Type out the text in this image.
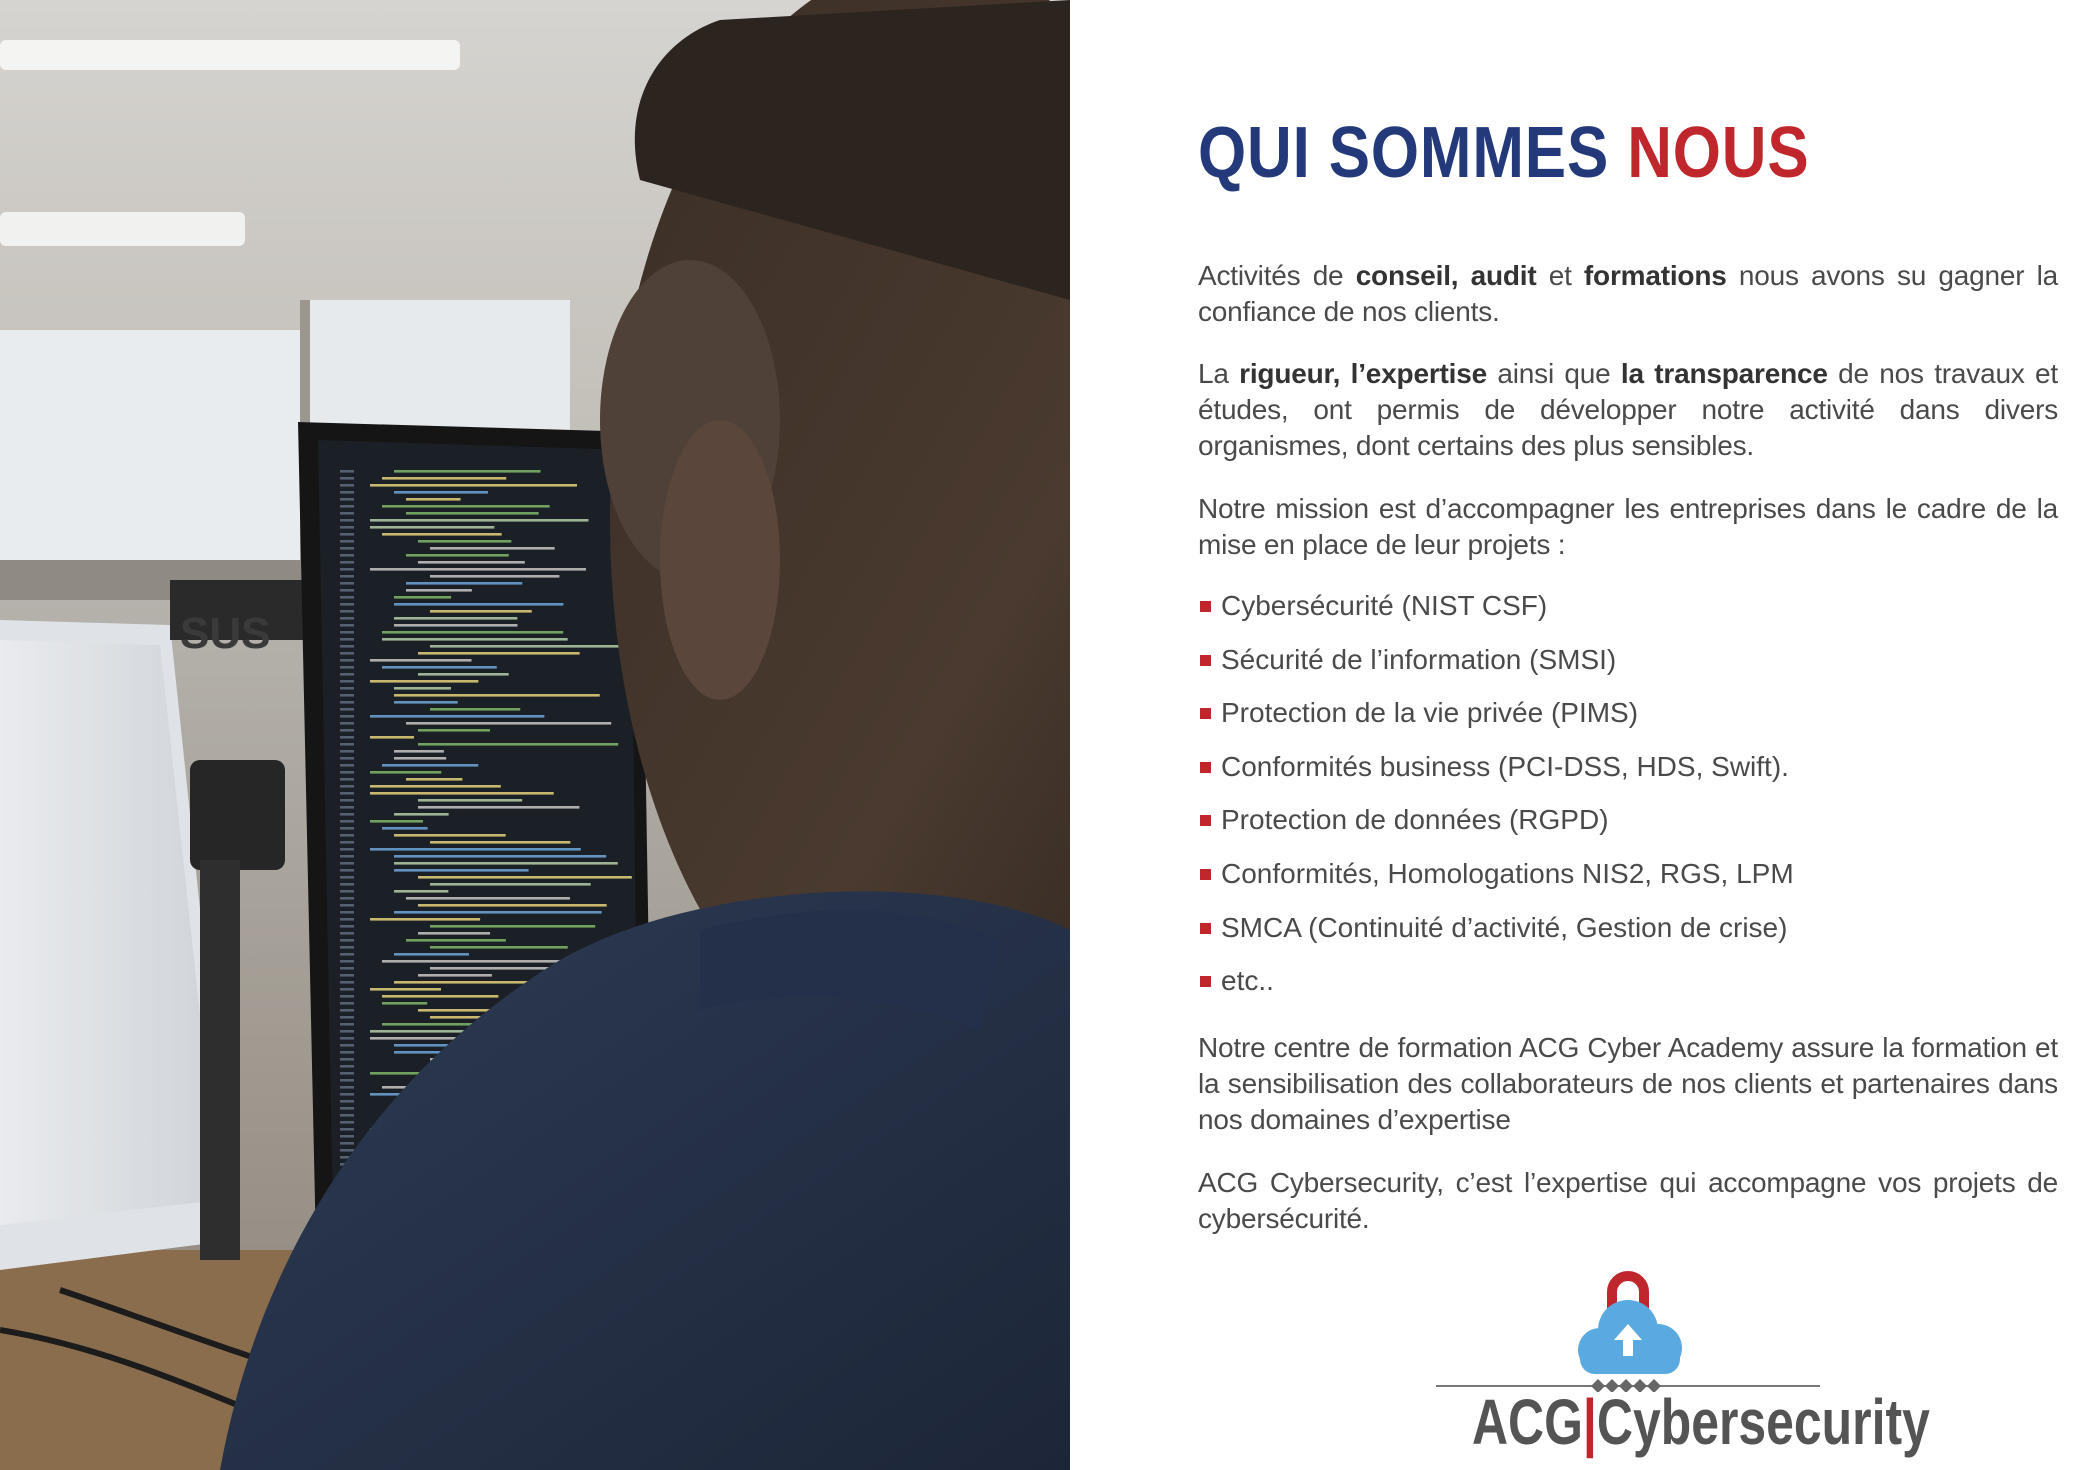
SUS
QUI SOMMES NOUS

Activités de conseil, audit et formations nous avons su gagner la confiance de nos clients.

La rigueur, l’expertise ainsi que la transparence de nos travaux et études, ont permis de développer notre activité dans divers organismes, dont certains des plus sensibles.

Notre mission est d’accompagner les entreprises dans le cadre de la mise en place de leur projets :

Cybersécurité (NIST CSF)
Sécurité de l’information (SMSI)
Protection de la vie privée (PIMS)
Conformités business (PCI-DSS, HDS, Swift).
Protection de données (RGPD)
Conformités, Homologations NIS2, RGS, LPM
SMCA (Continuité d’activité, Gestion de crise)
etc..

Notre centre de formation ACG Cyber Academy assure la formation et la sensibilisation des collaborateurs de nos clients et partenaires dans nos domaines d’expertise

ACG Cybersecurity, c’est l’expertise qui accompagne vos projets de cybersécurité.

ACG|Cybersecurity
